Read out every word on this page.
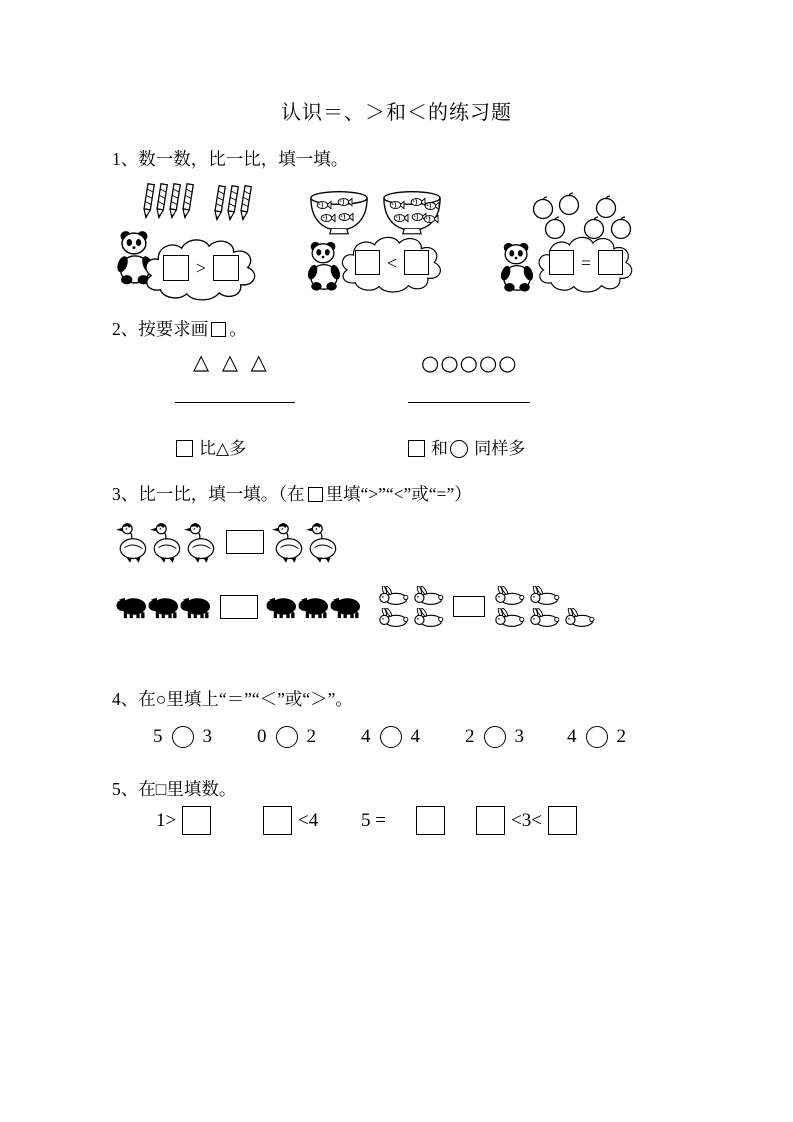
认识＝、＞和＜的练习题
1、数一数，比一比，填一填。
>	<	=
2、按要求画 。
△ △ △	○○○○○
比△多	和 同样多
3、比一比，填一填。（在 里填“>”“<”或“=”）
4、在○里填上“＝”“＜”或“＞”。
5 3 0 2 4 4 2 3 4 2
5、在□里填数。
1>	<4 5 =	<3<
